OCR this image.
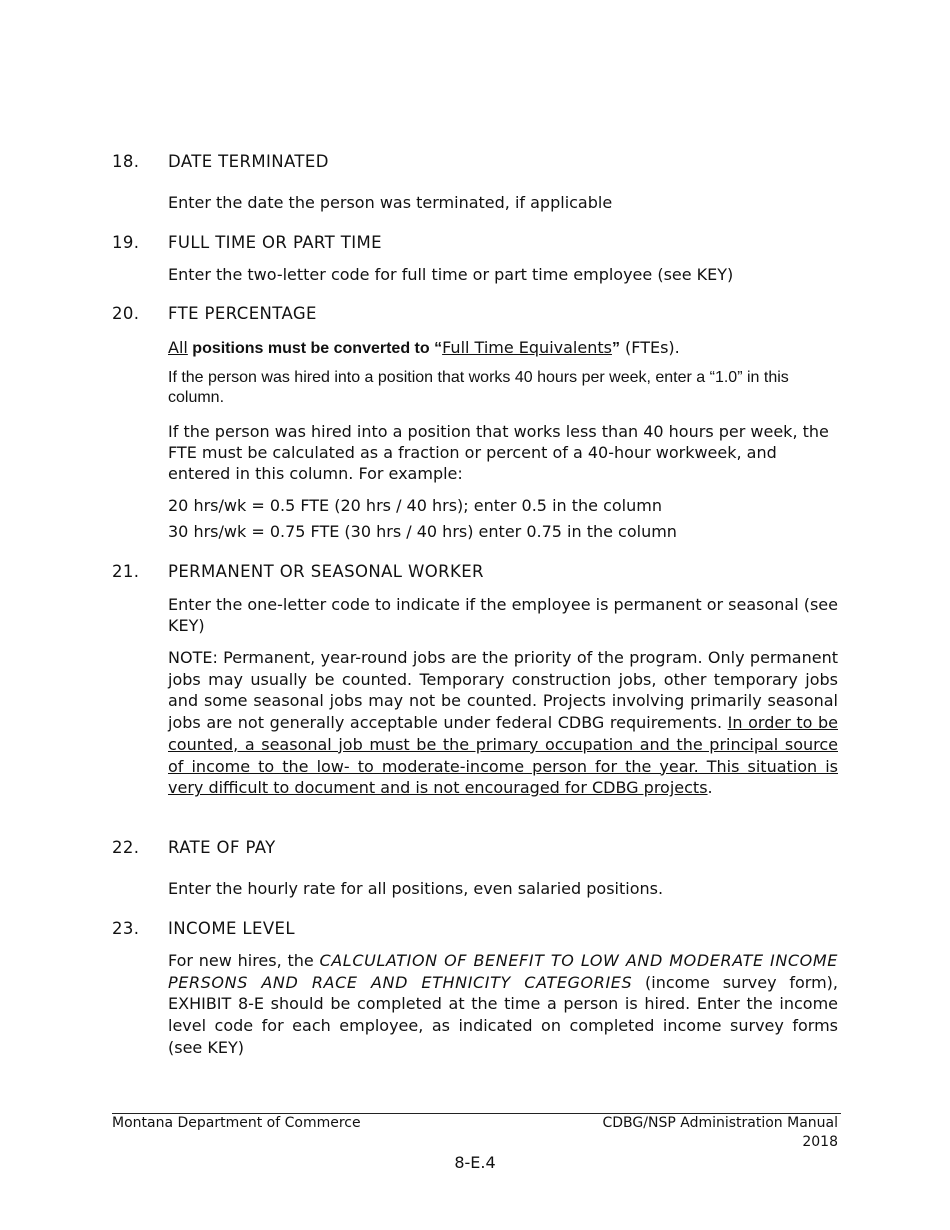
18. DATE TERMINATED
Enter the date the person was terminated, if applicable
19. FULL TIME OR PART TIME
Enter the two-letter code for full time or part time employee (see KEY)
20. FTE PERCENTAGE
All positions must be converted to “Full Time Equivalents” (FTEs).
If the person was hired into a position that works 40 hours per week, enter a “1.0” in this column.
If the person was hired into a position that works less than 40 hours per week, the FTE must be calculated as a fraction or percent of a 40-hour workweek, and entered in this column. For example:
20 hrs/wk = 0.5 FTE (20 hrs / 40 hrs); enter 0.5 in the column
30 hrs/wk = 0.75 FTE (30 hrs / 40 hrs) enter 0.75 in the column
21. PERMANENT OR SEASONAL WORKER
Enter the one-letter code to indicate if the employee is permanent or seasonal (see KEY)
NOTE: Permanent, year-round jobs are the priority of the program. Only permanent jobs may usually be counted. Temporary construction jobs, other temporary jobs and some seasonal jobs may not be counted. Projects involving primarily seasonal jobs are not generally acceptable under federal CDBG requirements. In order to be counted, a seasonal job must be the primary occupation and the principal source of income to the low- to moderate-income person for the year. This situation is very difficult to document and is not encouraged for CDBG projects.
22. RATE OF PAY
Enter the hourly rate for all positions, even salaried positions.
23. INCOME LEVEL
For new hires, the CALCULATION OF BENEFIT TO LOW AND MODERATE INCOME PERSONS AND RACE AND ETHNICITY CATEGORIES (income survey form), EXHIBIT 8-E should be completed at the time a person is hired. Enter the income level code for each employee, as indicated on completed income survey forms (see KEY)
Montana Department of Commerce	CDBG/NSP Administration Manual
2018
8-E.4
